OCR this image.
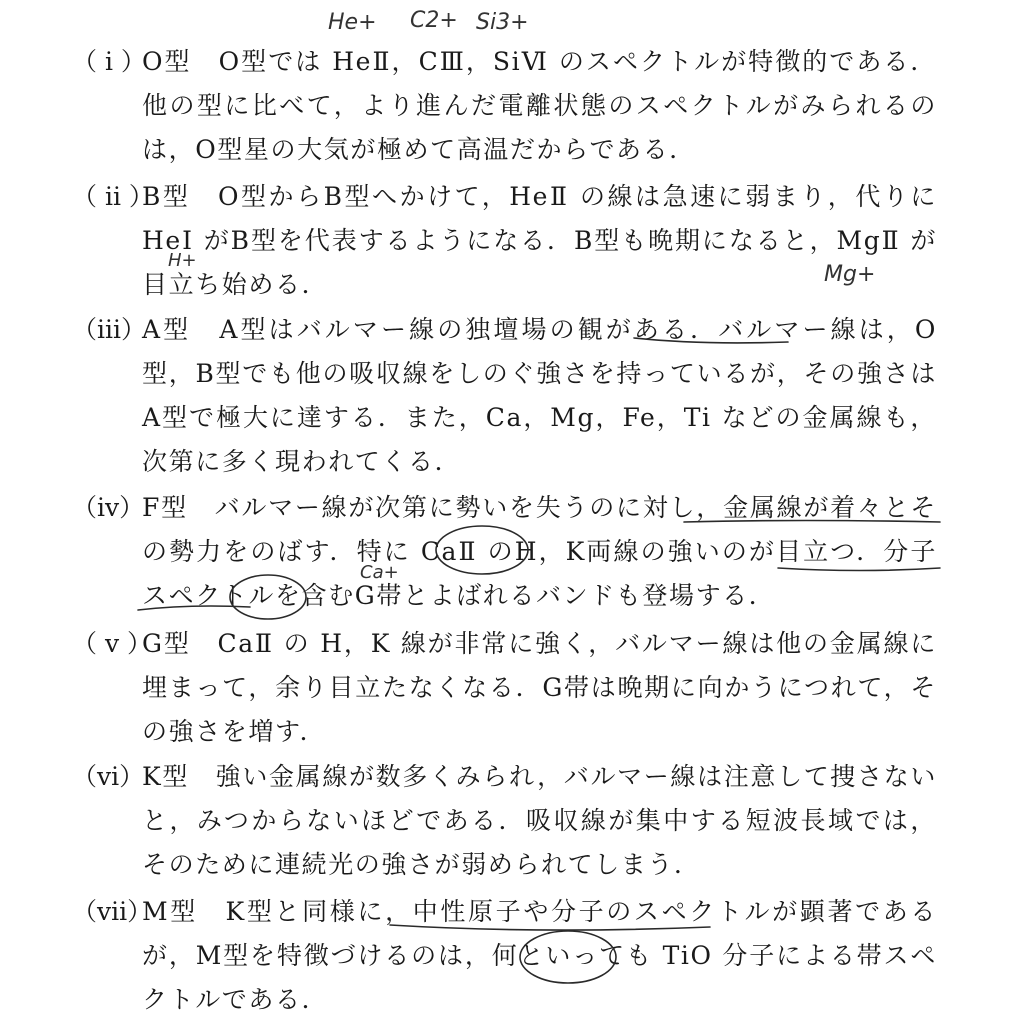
He+ C2+ Si3+
H+
Mg+
Ca+
（ i ）
O型　O型では HeⅡ，CⅢ，SiⅥ のスペクトルが特徴的である．他の型に比べて，より進んだ電離状態のスペクトルがみられるのは，O型星の大気が極めて高温だからである．
（ ii ）
B型　O型からB型へかけて，HeⅡ の線は急速に弱まり，代りに HeⅠ がB型を代表するようになる．B型も晩期になると，MgⅡ が目立ち始める．
（iii）
A型　A型はバルマー線の独壇場の観がある．バルマー線は，O型，B型でも他の吸収線をしのぐ強さを持っているが，その強さはA型で極大に達する．また，Ca，Mg，Fe，Ti などの金属線も，次第に多く現われてくる．
（iv）
F型　バルマー線が次第に勢いを失うのに対し，金属線が着々とその勢力をのばす．特に CaⅡ のH，K両線の強いのが目立つ．分子スペクトルを含むG帯とよばれるバンドも登場する．
（ v ）
G型　CaⅡ の H，K 線が非常に強く，バルマー線は他の金属線に埋まって，余り目立たなくなる．G帯は晩期に向かうにつれて，その強さを増す．
（vi）
K型　強い金属線が数多くみられ，バルマー線は注意して捜さないと，みつからないほどである．吸収線が集中する短波長域では，そのために連続光の強さが弱められてしまう．
（vii）
M型　K型と同様に，中性原子や分子のスペクトルが顕著であるが，M型を特徴づけるのは，何といっても TiO 分子による帯スペクトルである．
